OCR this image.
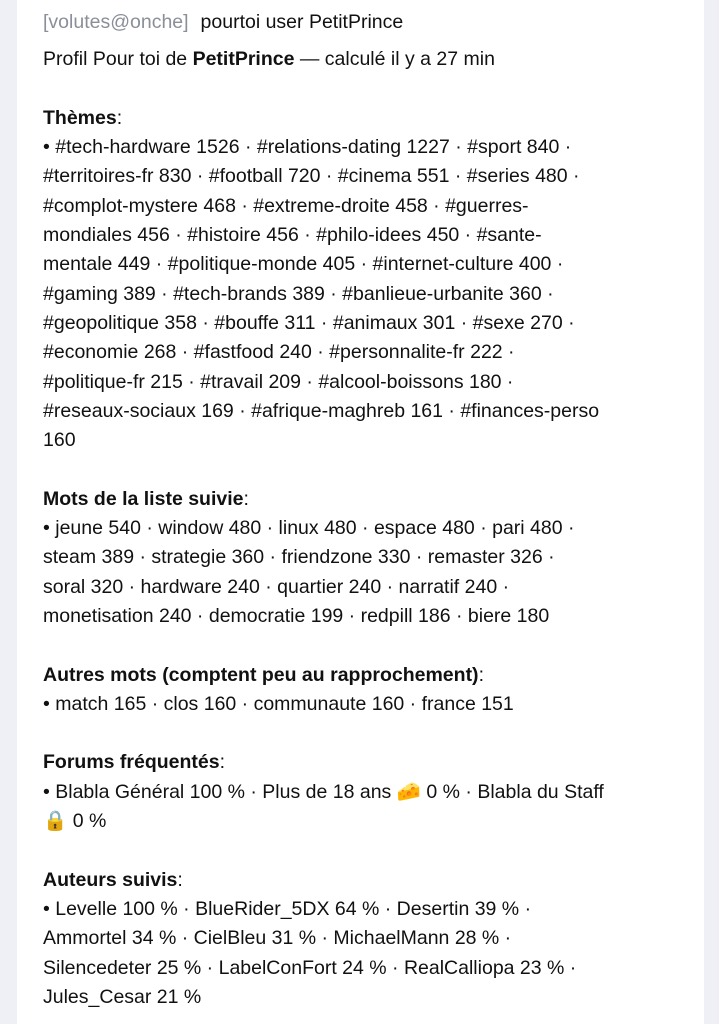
[volutes@onche] pourtoi user PetitPrince

Profil Pour toi de PetitPrince — calculé il y a 27 min

Thèmes:

• #tech-hardware 1526 · #relations-dating 1227 · #sport 840 ·

#territoires-fr 830 · #football 720 · #cinema 551 · #series 480 ·

#complot-mystere 468 · #extreme-droite 458 · #guerres-

mondiales 456 · #histoire 456 · #philo-idees 450 · #sante-

mentale 449 · #politique-monde 405 · #internet-culture 400 ·

#gaming 389 · #tech-brands 389 · #banlieue-urbanite 360 ·

#geopolitique 358 · #bouffe 311 · #animaux 301 · #sexe 270 ·

#economie 268 · #fastfood 240 · #personnalite-fr 222 ·

#politique-fr 215 · #travail 209 · #alcool-boissons 180 ·

#reseaux-sociaux 169 · #afrique-maghreb 161 · #finances-perso

160

Mots de la liste suivie:

• jeune 540 · window 480 · linux 480 · espace 480 · pari 480 ·

steam 389 · strategie 360 · friendzone 330 · remaster 326 ·

soral 320 · hardware 240 · quartier 240 · narratif 240 ·

monetisation 240 · democratie 199 · redpill 186 · biere 180

Autres mots (comptent peu au rapprochement):

• match 165 · clos 160 · communaute 160 · france 151

Forums fréquentés:

• Blabla Général 100 % · Plus de 18 ans 🧀 0 % · Blabla du Staff

🔒 0 %

Auteurs suivis:

• Levelle 100 % · BlueRider_5DX 64 % · Desertin 39 % ·

Ammortel 34 % · CielBleu 31 % · MichaelMann 28 % ·

Silencedeter 25 % · LabelConFort 24 % · RealCalliopa 23 % ·

Jules_Cesar 21 %
